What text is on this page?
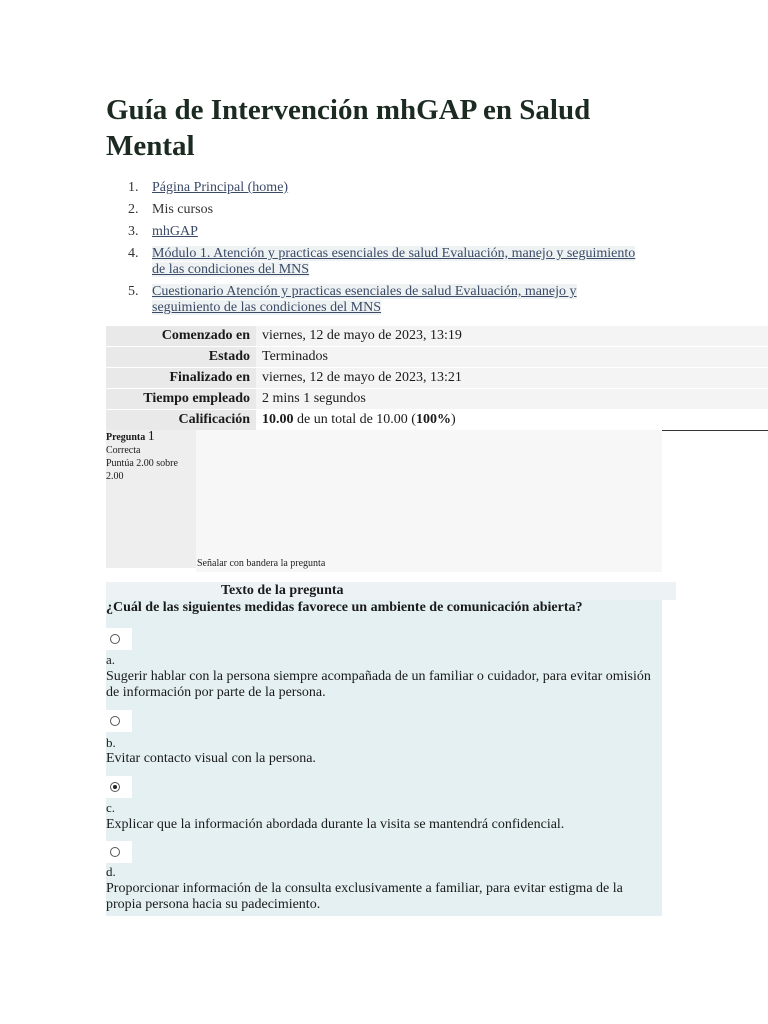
Guía de Intervención mhGAP en Salud Mental
1. Página Principal (home)
2. Mis cursos
3. mhGAP
4. Módulo 1. Atención y practicas esenciales de salud Evaluación, manejo y seguimiento de las condiciones del MNS
5. Cuestionario Atención y practicas esenciales de salud Evaluación, manejo y seguimiento de las condiciones del MNS
Comenzado en	viernes, 12 de mayo de 2023, 13:19
Estado	Terminados
Finalizado en	viernes, 12 de mayo de 2023, 13:21
Tiempo empleado	2 mins 1 segundos
Calificación	10.00 de un total de 10.00 (100%)
Pregunta 1
Correcta
Puntúa 2.00 sobre 2.00
Señalar con bandera la pregunta
Texto de la pregunta
¿Cuál de las siguientes medidas favorece un ambiente de comunicación abierta?
a.
Sugerir hablar con la persona siempre acompañada de un familiar o cuidador, para evitar omisión de información por parte de la persona.
b.
Evitar contacto visual con la persona.
c.
Explicar que la información abordada durante la visita se mantendrá confidencial.
d.
Proporcionar información de la consulta exclusivamente a familiar, para evitar estigma de la propia persona hacia su padecimiento.
